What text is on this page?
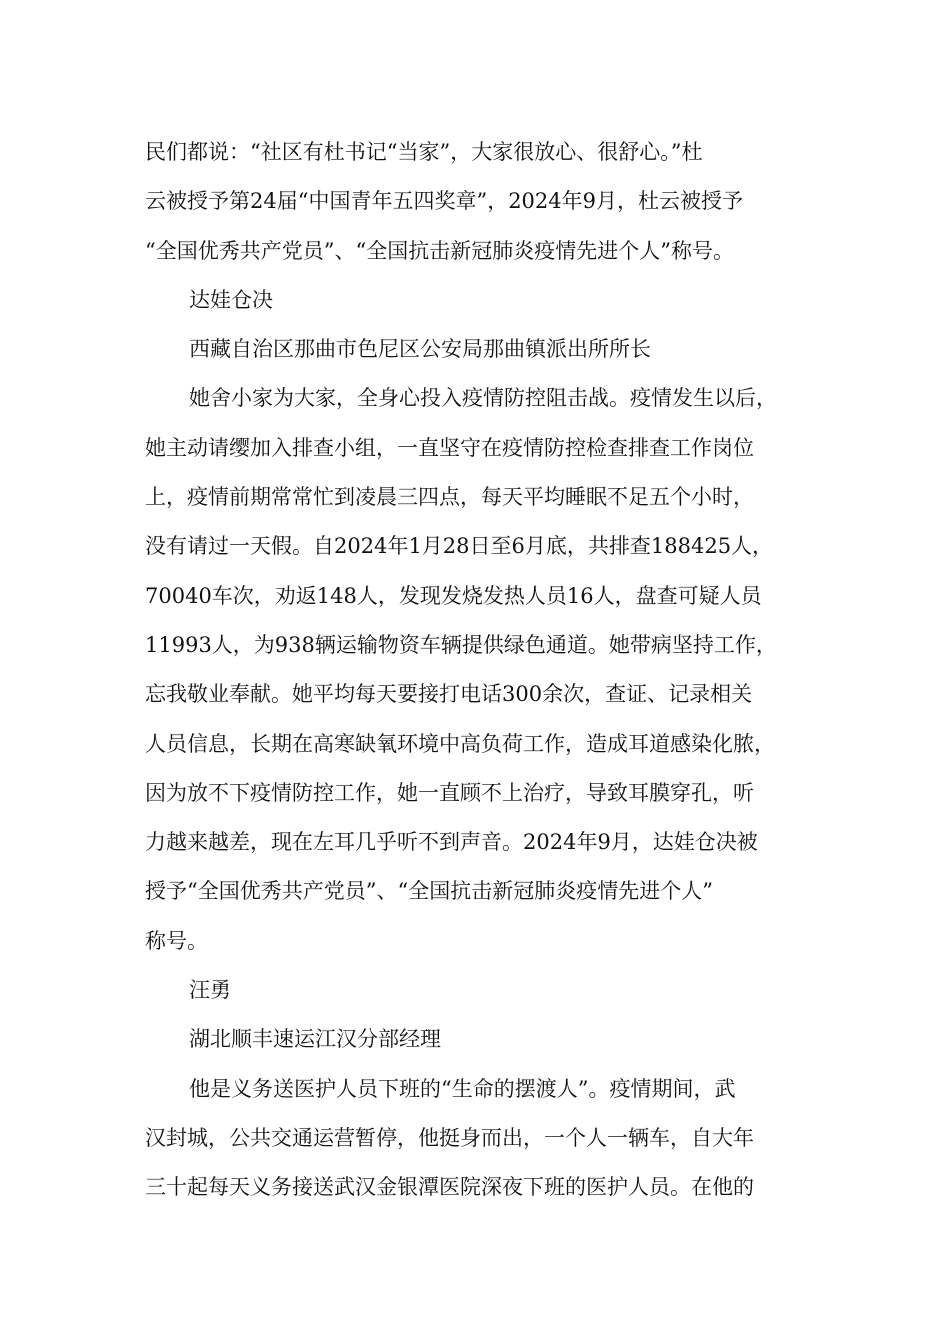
民们都说：“社区有杜书记“当家”，大家很放心、很舒心。”杜
云被授予第24届“中国青年五四奖章”，2024年9月，杜云被授予
“全国优秀共产党员”、“全国抗击新冠肺炎疫情先进个人”称号。
达娃仓决
西藏自治区那曲市色尼区公安局那曲镇派出所所长
她舍小家为大家，全身心投入疫情防控阻击战。疫情发生以后，
她主动请缨加入排查小组，一直坚守在疫情防控检查排查工作岗位
上，疫情前期常常忙到凌晨三四点，每天平均睡眠不足五个小时，
没有请过一天假。自2024年1月28日至6月底，共排查188425人，
70040车次，劝返148人，发现发烧发热人员16人，盘查可疑人员
11993人，为938辆运输物资车辆提供绿色通道。她带病坚持工作，
忘我敬业奉献。她平均每天要接打电话300余次，查证、记录相关
人员信息，长期在高寒缺氧环境中高负荷工作，造成耳道感染化脓，
因为放不下疫情防控工作，她一直顾不上治疗，导致耳膜穿孔，听
力越来越差，现在左耳几乎听不到声音。2024年9月，达娃仓决被
授予“全国优秀共产党员”、“全国抗击新冠肺炎疫情先进个人”
称号。
汪勇
湖北顺丰速运江汉分部经理
他是义务送医护人员下班的“生命的摆渡人”。疫情期间，武
汉封城，公共交通运营暂停，他挺身而出，一个人一辆车，自大年
三十起每天义务接送武汉金银潭医院深夜下班的医护人员。在他的
